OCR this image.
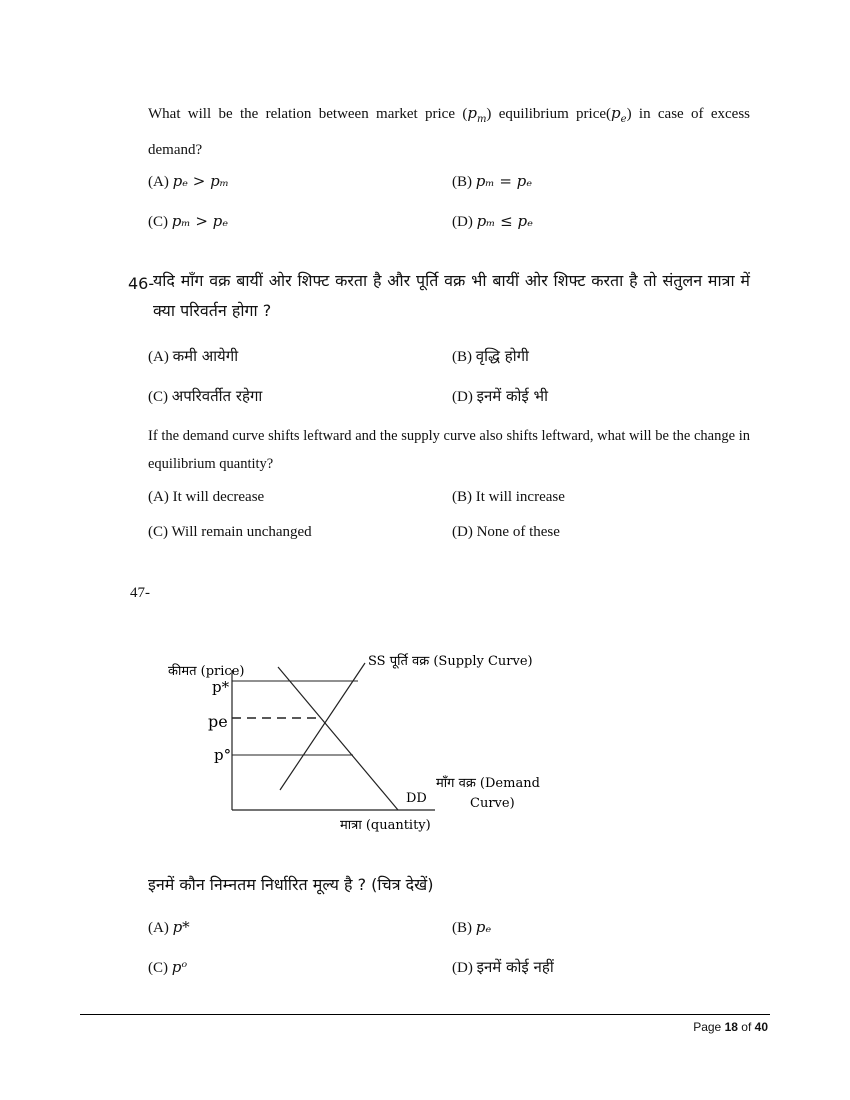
What will be the relation between market price $(p_m)$ equilibrium $price(p_e)$ in case of excess demand?
(A) pₑ > pₘ	(B) pₘ = pₑ
(C) pₘ > pₑ	(D) pₘ ≤ pₑ
46-
यदि माँग वक्र बायीं ओर शिफ्ट करता है और पूर्ति वक्र भी बायीं ओर शिफ्ट करता है तो संतुलन मात्रा में क्या परिवर्तन होगा ?
(A) कमी आयेगी	(B) वृद्धि होगी
(C) अपरिवर्तीत रहेगा	(D) इनमें कोई भी
If the demand curve shifts leftward and the supply curve also shifts leftward, what will be the change in equilibrium quantity?
(A) It will decrease	(B) It will increase
(C) Will remain unchanged	(D) None of these
47-
कीमत (price)
p*
pe
p°
SS पूर्ति वक्र (Supply Curve)
DD
माँग वक्र (Demand
Curve)
मात्रा (quantity)
इनमें कौन निम्नतम निर्धारित मूल्य है ? (चित्र देखें)
(A) p*	(B) pₑ
(C) pᵒ	(D) इनमें कोई नहीं
Page 18 of 40
